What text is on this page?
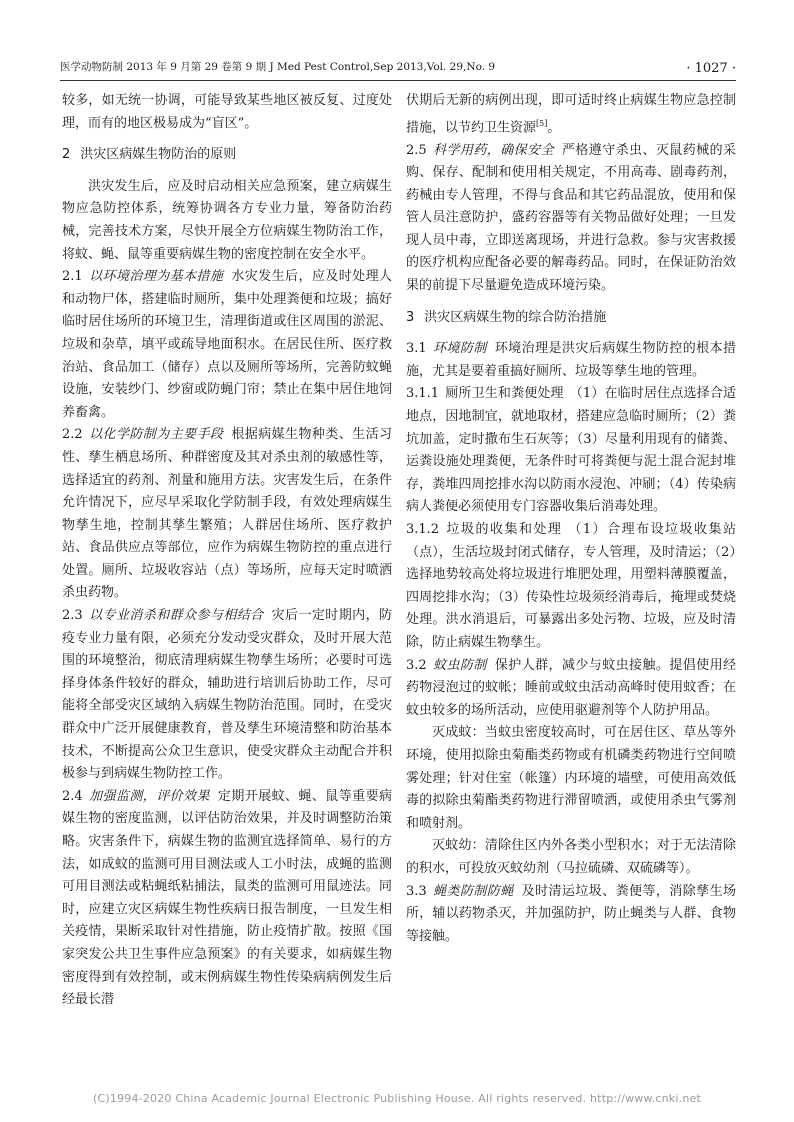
医学动物防制 2013 年 9 月第 29 卷第 9 期 J Med Pest Control,Sep 2013,Vol. 29,No. 9	· 1027 ·

较多，如无统一协调，可能导致某些地区被反复、过度处理，而有的地区极易成为“盲区”。

2 洪灾区病媒生物防治的原则

洪灾发生后，应及时启动相关应急预案，建立病媒生物应急防控体系，统筹协调各方专业力量，筹备防治药械，完善技术方案，尽快开展全方位病媒生物防治工作，将蚊、蝇、鼠等重要病媒生物的密度控制在安全水平。

2.1 以环境治理为基本措施 水灾发生后，应及时处理人和动物尸体，搭建临时厕所，集中处理粪便和垃圾；搞好临时居住场所的环境卫生，清理街道或住区周围的淤泥、垃圾和杂草，填平或疏导地面积水。在居民住所、医疗救治站、食品加工（储存）点以及厕所等场所，完善防蚊蝇设施，安装纱门、纱窗或防蝇门帘；禁止在集中居住地饲养畜禽。

2.2 以化学防制为主要手段 根据病媒生物种类、生活习性、孳生栖息场所、种群密度及其对杀虫剂的敏感性等，选择适宜的药剂、剂量和施用方法。灾害发生后，在条件允许情况下，应尽早采取化学防制手段，有效处理病媒生物孳生地，控制其孳生繁殖；人群居住场所、医疗救护站、食品供应点等部位，应作为病媒生物防控的重点进行处置。厕所、垃圾收容站（点）等场所，应每天定时喷洒杀虫药物。

2.3 以专业消杀和群众参与相结合 灾后一定时期内，防疫专业力量有限，必须充分发动受灾群众，及时开展大范围的环境整治，彻底清理病媒生物孳生场所；必要时可选择身体条件较好的群众，辅助进行培训后协助工作，尽可能将全部受灾区域纳入病媒生物防治范围。同时，在受灾群众中广泛开展健康教育，普及孳生环境清整和防治基本技术，不断提高公众卫生意识，使受灾群众主动配合并积极参与到病媒生物防控工作。

2.4 加强监测，评价效果 定期开展蚊、蝇、鼠等重要病媒生物的密度监测，以评估防治效果，并及时调整防治策略。灾害条件下，病媒生物的监测宜选择简单、易行的方法，如成蚊的监测可用目测法或人工小时法，成蝇的监测可用目测法或粘蝇纸粘捕法，鼠类的监测可用鼠迹法。同时，应建立灾区病媒生物性疾病日报告制度，一旦发生相关疫情，果断采取针对性措施，防止疫情扩散。按照《国家突发公共卫生事件应急预案》的有关要求，如病媒生物密度得到有效控制，或末例病媒生物性传染病病例发生后经最长潜

伏期后无新的病例出现，即可适时终止病媒生物应急控制措施，以节约卫生资源[5]。

2.5 科学用药，确保安全 严格遵守杀虫、灭鼠药械的采购、保存、配制和使用相关规定，不用高毒、剧毒药剂，药械由专人管理，不得与食品和其它药品混放，使用和保管人员注意防护，盛药容器等有关物品做好处理；一旦发现人员中毒，立即送离现场，并进行急救。参与灾害救援的医疗机构应配备必要的解毒药品。同时，在保证防治效果的前提下尽量避免造成环境污染。

3 洪灾区病媒生物的综合防治措施

3.1 环境防制 环境治理是洪灾后病媒生物防控的根本措施，尤其是要着重搞好厕所、垃圾等孳生地的管理。

3.1.1 厕所卫生和粪便处理 （1）在临时居住点选择合适地点，因地制宜，就地取材，搭建应急临时厕所；（2）粪坑加盖，定时撒布生石灰等；（3）尽量利用现有的储粪、运粪设施处理粪便，无条件时可将粪便与泥土混合泥封堆存，粪堆四周挖排水沟以防雨水浸泡、冲刷；（4）传染病病人粪便必须使用专门容器收集后消毒处理。

3.1.2 垃圾的收集和处理 （1）合理布设垃圾收集站（点），生活垃圾封闭式储存，专人管理，及时清运；（2）选择地势较高处将垃圾进行堆肥处理，用塑料薄膜覆盖，四周挖排水沟；（3）传染性垃圾须经消毒后，掩埋或焚烧处理。洪水消退后，可暴露出多处污物、垃圾，应及时清除，防止病媒生物孳生。

3.2 蚊虫防制 保护人群，减少与蚊虫接触。提倡使用经药物浸泡过的蚊帐；睡前或蚊虫活动高峰时使用蚊香；在蚊虫较多的场所活动，应使用驱避剂等个人防护用品。

灭成蚊：当蚊虫密度较高时，可在居住区、草丛等外环境，使用拟除虫菊酯类药物或有机磷类药物进行空间喷雾处理；针对住室（帐篷）内环境的墙壁，可使用高效低毒的拟除虫菊酯类药物进行滞留喷洒，或使用杀虫气雾剂和喷射剂。

灭蚊幼：清除住区内外各类小型积水；对于无法清除的积水，可投放灭蚊幼剂（马拉硫磷、双硫磷等）。

3.3 蝇类防制防蝇 及时清运垃圾、粪便等，消除孳生场所，辅以药物杀灭，并加强防护，防止蝇类与人群、食物等接触。

(C)1994-2020 China Academic Journal Electronic Publishing House. All rights reserved. http://www.cnki.net
